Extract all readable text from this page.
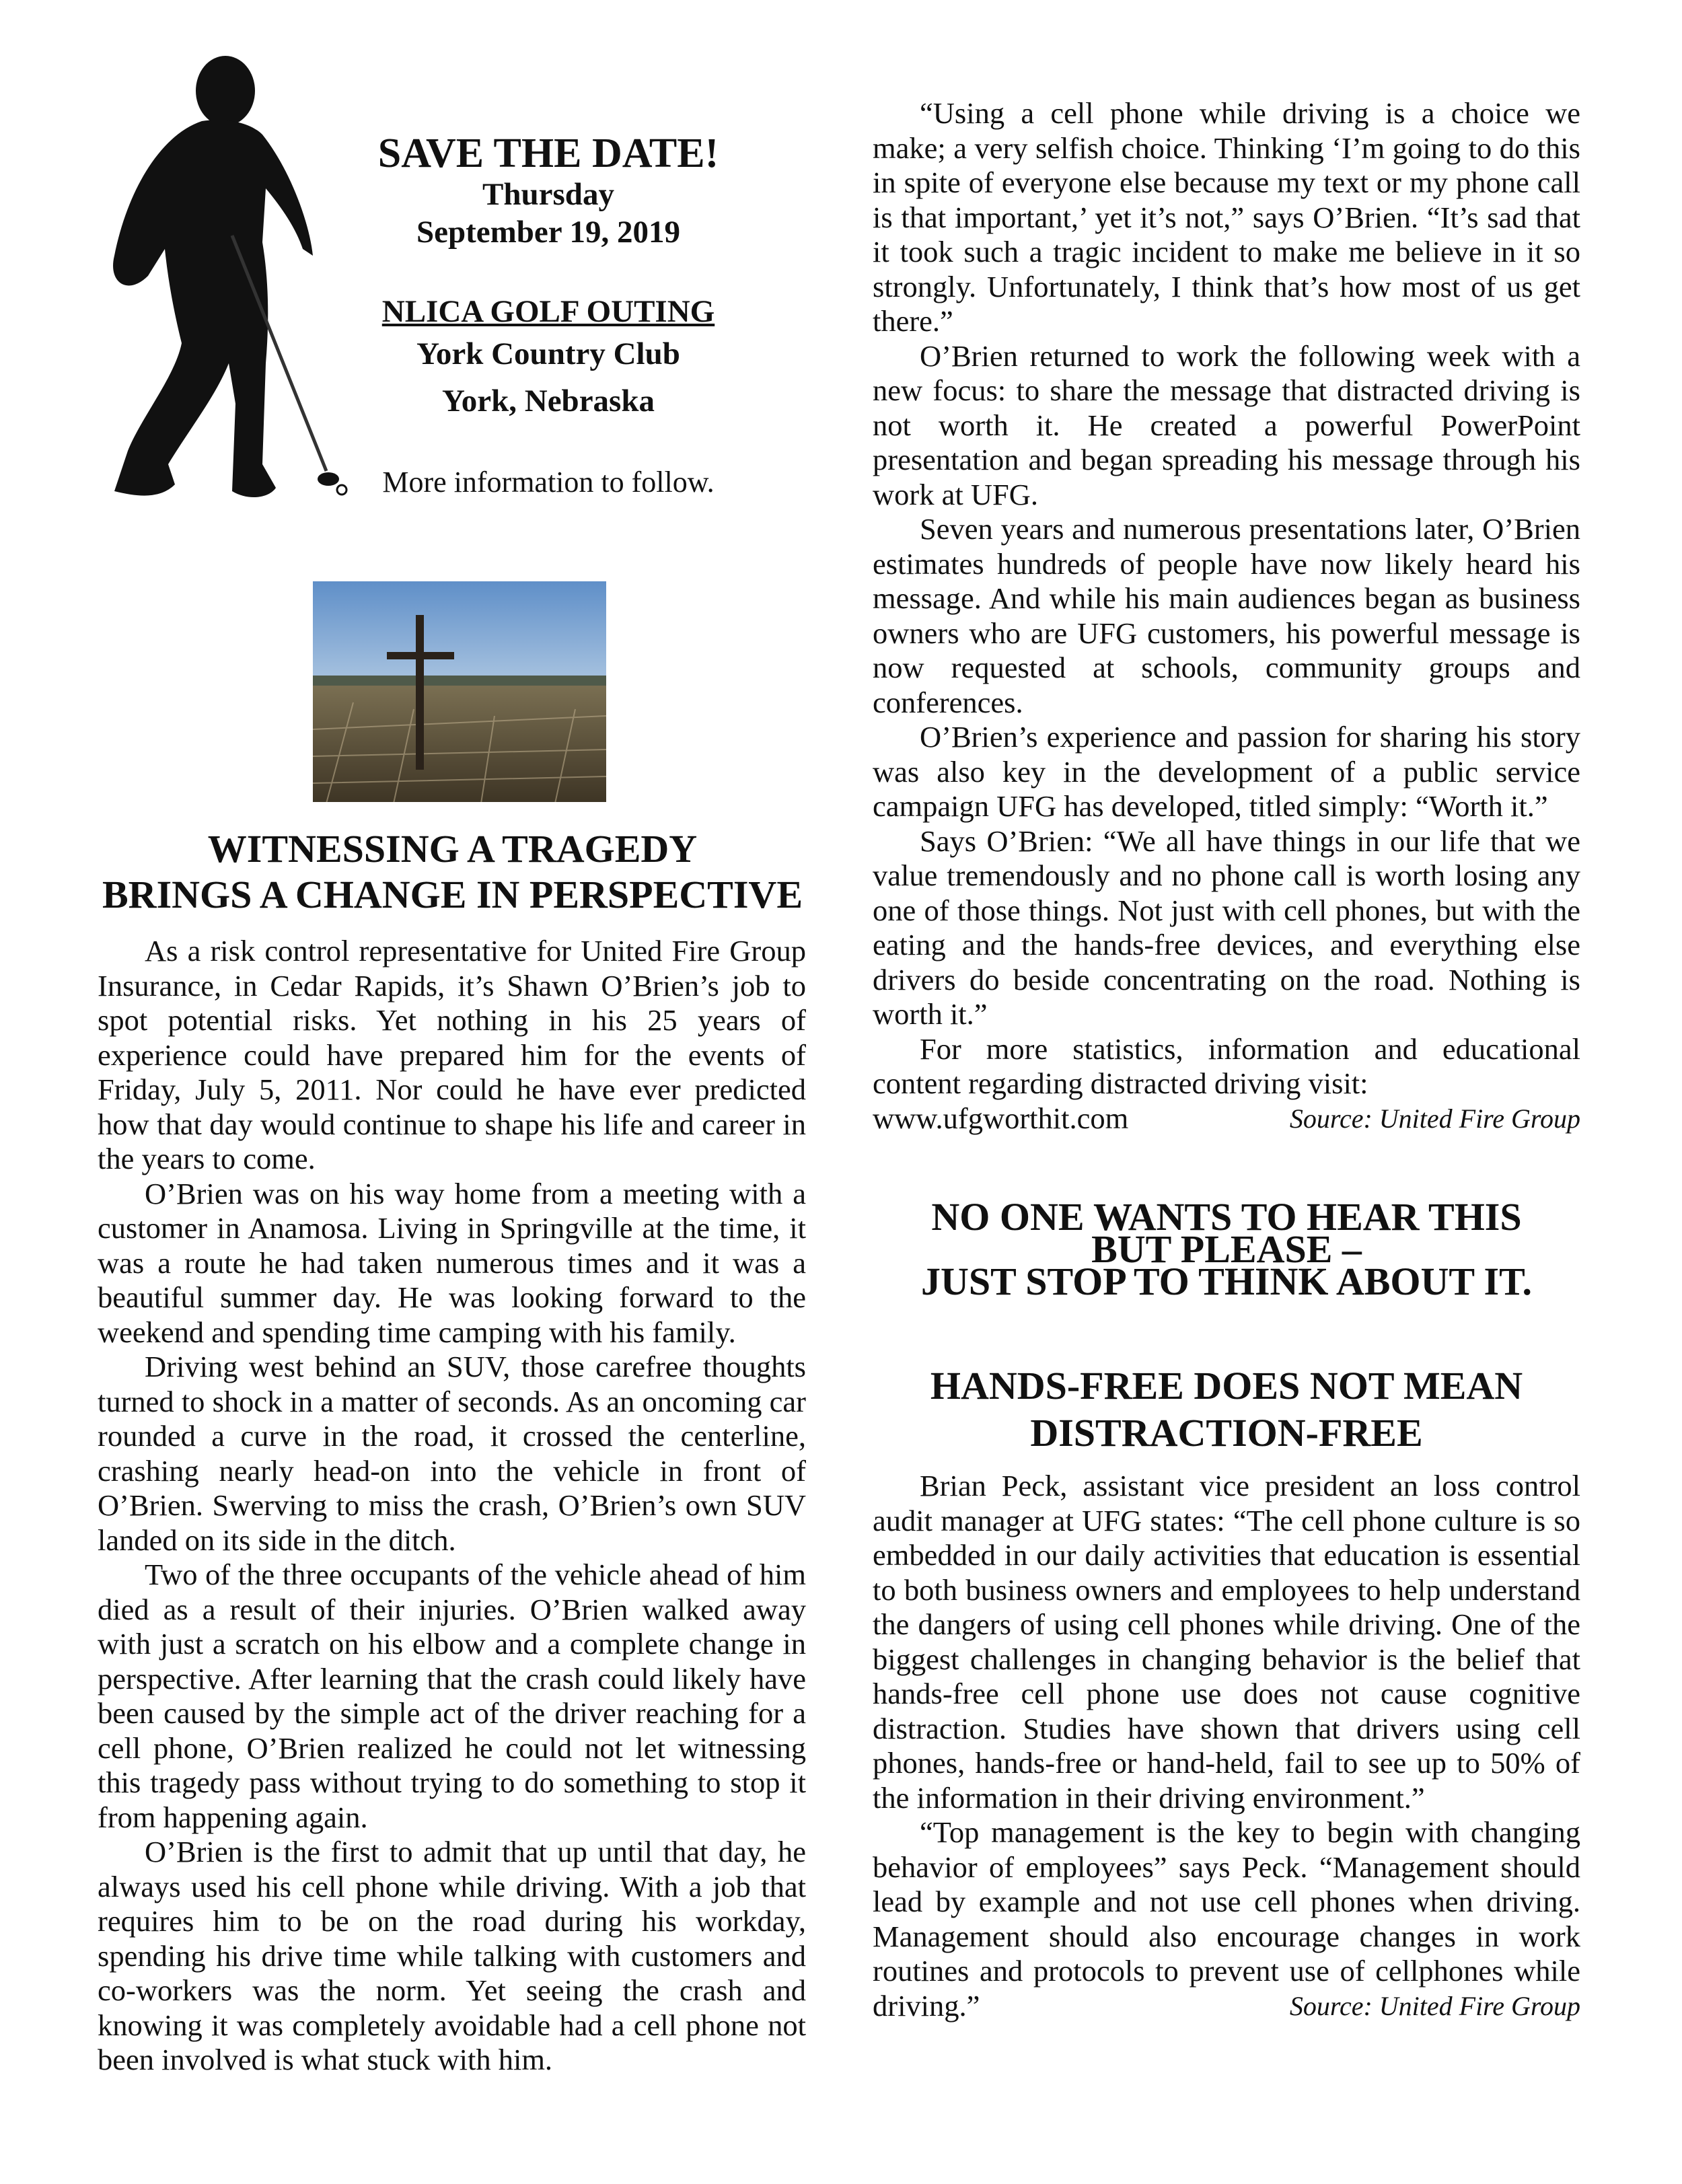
SAVE THE DATE!
Thursday
September 19, 2019
NLICA GOLF OUTING
York Country Club
York, Nebraska
More information to follow.
WITNESSING A TRAGEDY
BRINGS A CHANGE IN PERSPECTIVE

As a risk control representative for United Fire Group Insurance, in Cedar Rapids, it’s Shawn O’Brien’s job to spot potential risks. Yet nothing in his 25 years of experience could have prepared him for the events of Friday, July 5, 2011. Nor could he have ever predicted how that day would continue to shape his life and career in the years to come.

O’Brien was on his way home from a meeting with a customer in Anamosa. Living in Springville at the time, it was a route he had taken numerous times and it was a beautiful summer day. He was looking forward to the weekend and spending time camping with his family.

Driving west behind an SUV, those carefree thoughts turned to shock in a matter of seconds. As an oncoming car rounded a curve in the road, it crossed the centerline, crashing nearly head-on into the vehicle in front of O’Brien. Swerving to miss the crash, O’Brien’s own SUV landed on its side in the ditch.

Two of the three occupants of the vehicle ahead of him died as a result of their injuries. O’Brien walked away with just a scratch on his elbow and a complete change in perspective. After learning that the crash could likely have been caused by the simple act of the driver reaching for a cell phone, O’Brien realized he could not let witnessing this tragedy pass without trying to do something to stop it from happening again.

O’Brien is the first to admit that up until that day, he always used his cell phone while driving. With a job that requires him to be on the road during his workday, spending his drive time while talking with customers and co-workers was the norm. Yet seeing the crash and knowing it was completely avoidable had a cell phone not been involved is what stuck with him.

“Using a cell phone while driving is a choice we make; a very selfish choice. Thinking ‘I’m going to do this in spite of everyone else because my text or my phone call is that important,’ yet it’s not,” says O’Brien. “It’s sad that it took such a tragic incident to make me believe in it so strongly. Unfortunately, I think that’s how most of us get there.”

O’Brien returned to work the following week with a new focus: to share the message that distracted driving is not worth it. He created a powerful PowerPoint presentation and began spreading his message through his work at UFG.

Seven years and numerous presentations later, O’Brien estimates hundreds of people have now likely heard his message. And while his main audiences began as business owners who are UFG customers, his powerful message is now requested at schools, community groups and conferences.

O’Brien’s experience and passion for sharing his story was also key in the development of a public service campaign UFG has developed, titled simply: “Worth it.”

Says O’Brien: “We all have things in our life that we value tremendously and no phone call is worth losing any one of those things. Not just with cell phones, but with the eating and the hands-free devices, and everything else drivers do beside concentrating on the road. Nothing is worth it.”

For more statistics, information and educational content regarding distracted driving visit:

www.ufgworthit.com	Source: United Fire Group
NO ONE WANTS TO HEAR THIS
BUT PLEASE –
JUST STOP TO THINK ABOUT IT.
HANDS-FREE DOES NOT MEAN
DISTRACTION-FREE

Brian Peck, assistant vice president an loss control audit manager at UFG states: “The cell phone culture is so embedded in our daily activities that education is essential to both business owners and employees to help understand the dangers of using cell phones while driving. One of the biggest challenges in changing behavior is the belief that hands-free cell phone use does not cause cognitive distraction. Studies have shown that drivers using cell phones, hands-free or hand-held, fail to see up to 50% of the information in their driving environment.”

“Top management is the key to begin with changing behavior of employees” says Peck. “Management should lead by example and not use cell phones when driving. Management should also encourage changes in work routines and protocols to prevent use of cellphones while driving.”	Source: United Fire Group
